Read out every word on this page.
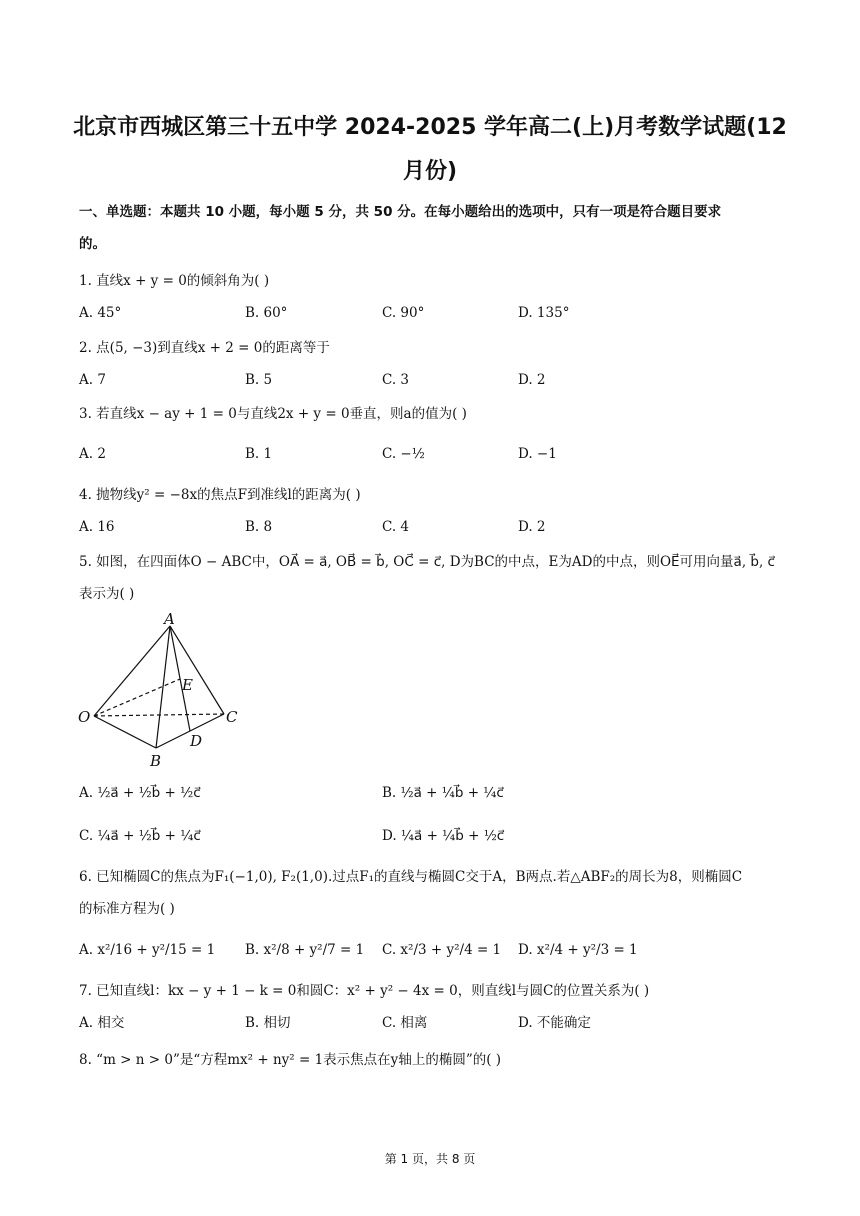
北京市西城区第三十五中学 2024-2025 学年高二(上)月考数学试题(12
月份)
一、单选题：本题共 10 小题，每小题 5 分，共 50 分。在每小题给出的选项中，只有一项是符合题目要求
的。
1. 直线x + y = 0的倾斜角为( )
A. 45°	B. 60°	C. 90°	D. 135°
2. 点(5, −3)到直线x + 2 = 0的距离等于
A. 7	B. 5	C. 3	D. 2
3. 若直线x − ay + 1 = 0与直线2x + y = 0垂直，则a的值为( )
A. 2	B. 1	C. −½	D. −1
4. 抛物线y² = −8x的焦点F到准线l的距离为( )
A. 16	B. 8	C. 4	D. 2
5. 如图，在四面体O − ABC中，OA⃗ = a⃗, OB⃗ = b⃗, OC⃗ = c⃗, D为BC的中点，E为AD的中点，则OE⃗可用向量a⃗, b⃗, c⃗
表示为( )
A
E
O	C
D
B
A. ½a⃗ + ½b⃗ + ½c⃗	B. ½a⃗ + ¼b⃗ + ¼c⃗
C. ¼a⃗ + ½b⃗ + ¼c⃗	D. ¼a⃗ + ¼b⃗ + ½c⃗
6. 已知椭圆C的焦点为F₁(−1,0), F₂(1,0).过点F₁的直线与椭圆C交于A，B两点.若△ABF₂的周长为8，则椭圆C
的标准方程为( )
A. x²/16 + y²/15 = 1 B. x²/8 + y²/7 = 1 C. x²/3 + y²/4 = 1 D. x²/4 + y²/3 = 1
7. 已知直线l：kx − y + 1 − k = 0和圆C：x² + y² − 4x = 0，则直线l与圆C的位置关系为( )
A. 相交	B. 相切	C. 相离	D. 不能确定
8. “m > n > 0”是“方程mx² + ny² = 1表示焦点在y轴上的椭圆”的( )
第 1 页，共 8 页
